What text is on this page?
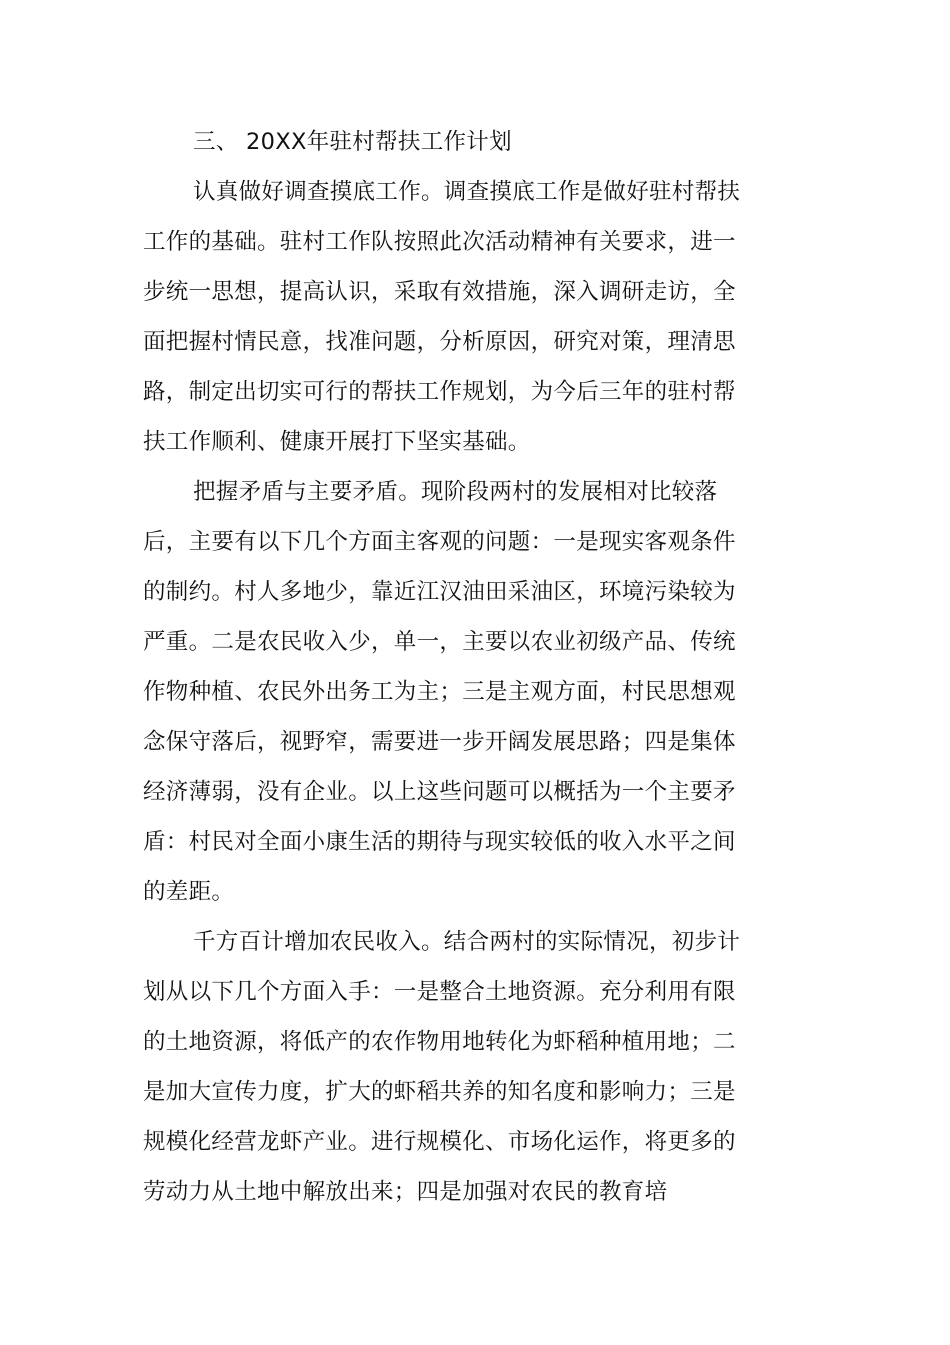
三、 20XX年驻村帮扶工作计划
认真做好调查摸底工作。调查摸底工作是做好驻村帮扶
工作的基础。驻村工作队按照此次活动精神有关要求，进一
步统一思想，提高认识，采取有效措施，深入调研走访，全
面把握村情民意，找准问题，分析原因，研究对策，理清思
路，制定出切实可行的帮扶工作规划，为今后三年的驻村帮
扶工作顺利、健康开展打下坚实基础。
把握矛盾与主要矛盾。现阶段两村的发展相对比较落
后，主要有以下几个方面主客观的问题：一是现实客观条件
的制约。村人多地少，靠近江汉油田采油区，环境污染较为
严重。二是农民收入少，单一，主要以农业初级产品、传统
作物种植、农民外出务工为主；三是主观方面，村民思想观
念保守落后，视野窄，需要进一步开阔发展思路；四是集体
经济薄弱，没有企业。以上这些问题可以概括为一个主要矛
盾：村民对全面小康生活的期待与现实较低的收入水平之间
的差距。
千方百计增加农民收入。结合两村的实际情况，初步计
划从以下几个方面入手：一是整合土地资源。充分利用有限
的土地资源，将低产的农作物用地转化为虾稻种植用地；二
是加大宣传力度，扩大的虾稻共养的知名度和影响力；三是
规模化经营龙虾产业。进行规模化、市场化运作，将更多的
劳动力从土地中解放出来；四是加强对农民的教育培
